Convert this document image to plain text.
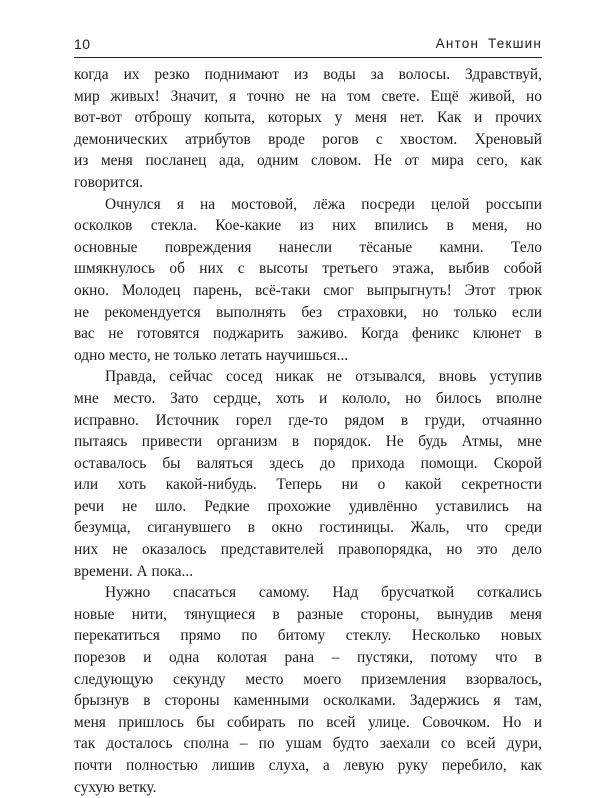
10	Антон Текшин
когда их резко поднимают из воды за волосы. Здравствуй,
мир живых! Значит, я точно не на том свете. Ещё живой, но
вот-вот отброшу копыта, которых у меня нет. Как и прочих
демонических атрибутов вроде рогов с хвостом. Хреновый
из меня посланец ада, одним словом. Не от мира сего, как
говорится.
Очнулся я на мостовой, лёжа посреди целой россыпи
осколков стекла. Кое-какие из них впились в меня, но
основные повреждения нанесли тёсаные камни. Тело
шмякнулось об них с высоты третьего этажа, выбив собой
окно. Молодец парень, всё-таки смог выпрыгнуть! Этот трюк
не рекомендуется выполнять без страховки, но только если
вас не готовятся поджарить заживо. Когда феникс клюнет в
одно место, не только летать научишься...
Правда, сейчас сосед никак не отзывался, вновь уступив
мне место. Зато сердце, хоть и кололо, но билось вполне
исправно. Источник горел где-то рядом в груди, отчаянно
пытаясь привести организм в порядок. Не будь Атмы, мне
оставалось бы валяться здесь до прихода помощи. Скорой
или хоть какой-нибудь. Теперь ни о какой секретности
речи не шло. Редкие прохожие удивлённо уставились на
безумца, сиганувшего в окно гостиницы. Жаль, что среди
них не оказалось представителей правопорядка, но это дело
времени. А пока...
Нужно спасаться самому. Над брусчаткой соткались
новые нити, тянущиеся в разные стороны, вынудив меня
перекатиться прямо по битому стеклу. Несколько новых
порезов и одна колотая рана – пустяки, потому что в
следующую секунду место моего приземления взорвалось,
брызнув в стороны каменными осколками. Задержись я там,
меня пришлось бы собирать по всей улице. Совочком. Но и
так досталось сполна – по ушам будто заехали со всей дури,
почти полностью лишив слуха, а левую руку перебило, как
сухую ветку.
